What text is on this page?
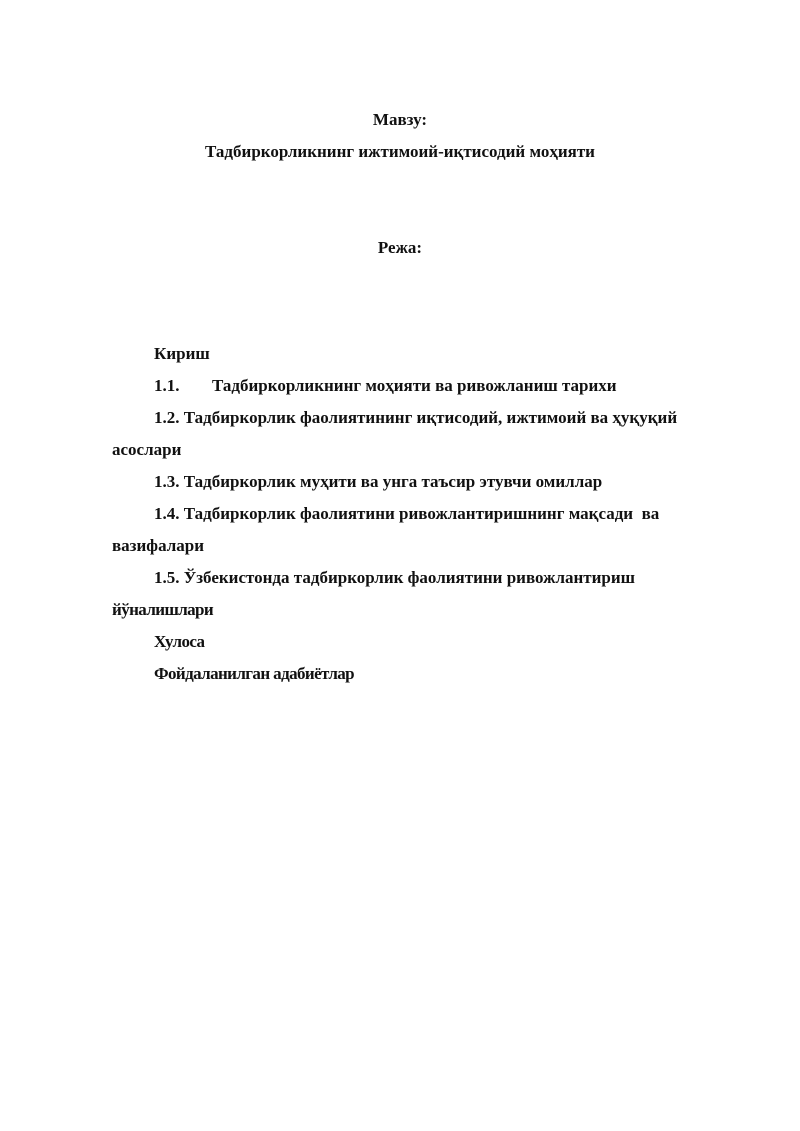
Мавзу:
Тадбиркорликнинг ижтимоий-иқтисодий моҳияти
Режа:
Кириш
1.1. Тадбиркорликнинг моҳияти ва ривожланиш тарихи
1.2. Тадбиркорлик фаолиятининг иқтисодий, ижтимоий ва ҳуқуқий
асослари
1.3. Тадбиркорлик муҳити ва унга таъсир этувчи омиллар
1.4. Тадбиркорлик фаолиятини ривожлантиришнинг мақсади  ва
вазифалари
1.5. Ўзбекистонда тадбиркорлик фаолиятини ривожлантириш
йўналишлари
Хулоса
Фойдаланилган адабиётлар
